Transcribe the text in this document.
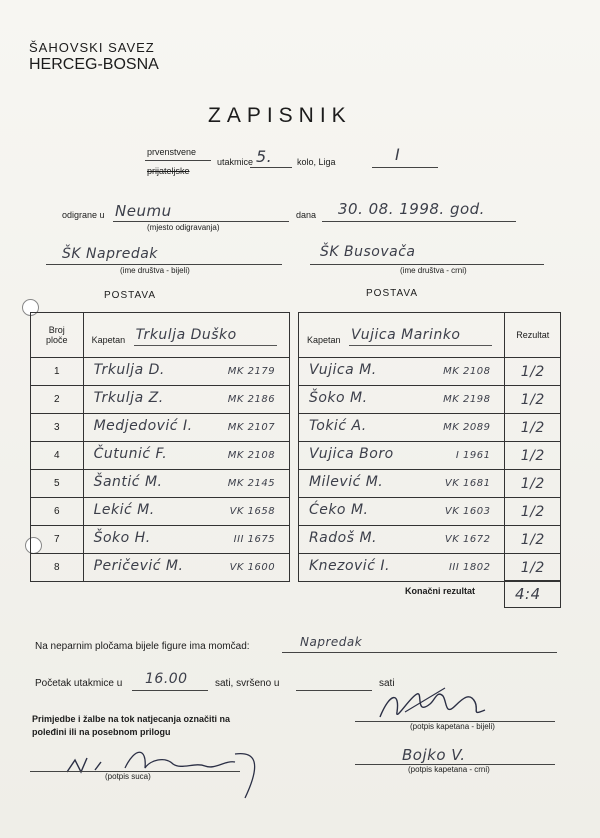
ŠAHOVSKI SAVEZ
HERCEG-BOSNA
ZAPISNIK
prvenstvene
prijateljske
utakmice 5.	kolo, Liga	I
odigrane u Neumu
(mjesto odigravanja)
dana 30. 08. 1998. god.
ŠK Napredak
(ime društva - bijeli)
ŠK Busovača
(ime društva - crni)
POSTAVA	POSTAVA
Broj ploče	Kapetan Trkulja Duško		Kapetan Vujica Marinko	Rezultat
1	Trkulja D. MK 2179		Vujica M. MK 2108	1/2
2	Trkulja Z. MK 2186		Šoko M. MK 2198	1/2
3	Medjedović I. MK 2107		Tokić A. MK 2089	1/2
4	Čutunić F. MK 2108		Vujica Boro I 1961	1/2
5	Šantić M. MK 2145		Milević M. VK 1681	1/2
6	Lekić M. VK 1658		Ćeko M. VK 1603	1/2
7	Šoko H. III 1675		Radoš M. VK 1672	1/2
8	Peričević M. VK 1600		Knezović I. III 1802	1/2
Konačni rezultat	4:4
Na neparnim pločama bijele figure ima momčad:	Napredak
Početak utakmice u 16.00	sati, svršeno u	sati
Primjedbe i žalbe na tok natjecanja označiti na
poleđini ili na posebnom prilogu
(potpis kapetana - bijeli)
Bojko V.
(potpis kapetana - crni)
(potpis suca)
